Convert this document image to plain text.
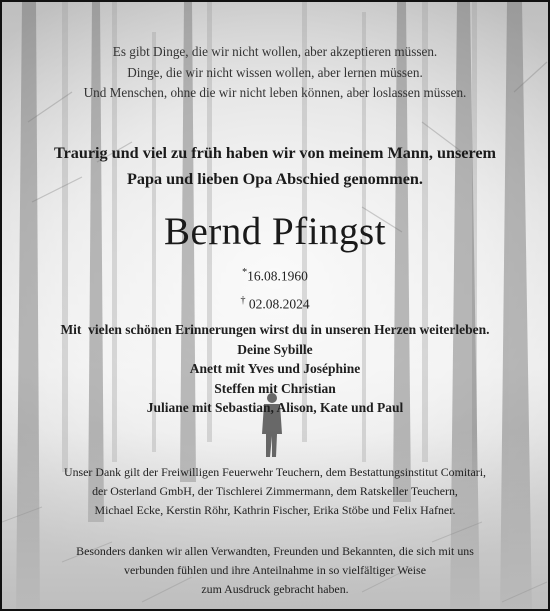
Es gibt Dinge, die wir nicht wollen, aber akzeptieren müssen.
Dinge, die wir nicht wissen wollen, aber lernen müssen.
Und Menschen, ohne die wir nicht leben können, aber loslassen müssen.
Traurig und viel zu früh haben wir von meinem Mann, unserem
Papa und lieben Opa Abschied genommen.
Bernd Pfingst
*16.08.1960
† 02.08.2024
Mit  vielen schönen Erinnerungen wirst du in unseren Herzen weiterleben.
Deine Sybille
Anett mit Yves und Joséphine
Steffen mit Christian
Juliane mit Sebastian, Alison, Kate und Paul
Unser Dank gilt der Freiwilligen Feuerwehr Teuchern, dem Bestattungsinstitut Comitari,
der Osterland GmbH, der Tischlerei Zimmermann, dem Ratskeller Teuchern,
Michael Ecke, Kerstin Röhr, Kathrin Fischer, Erika Stöbe und Felix Hafner.
Besonders danken wir allen Verwandten, Freunden und Bekannten, die sich mit uns
verbunden fühlen und ihre Anteilnahme in so vielfältiger Weise
zum Ausdruck gebracht haben.
